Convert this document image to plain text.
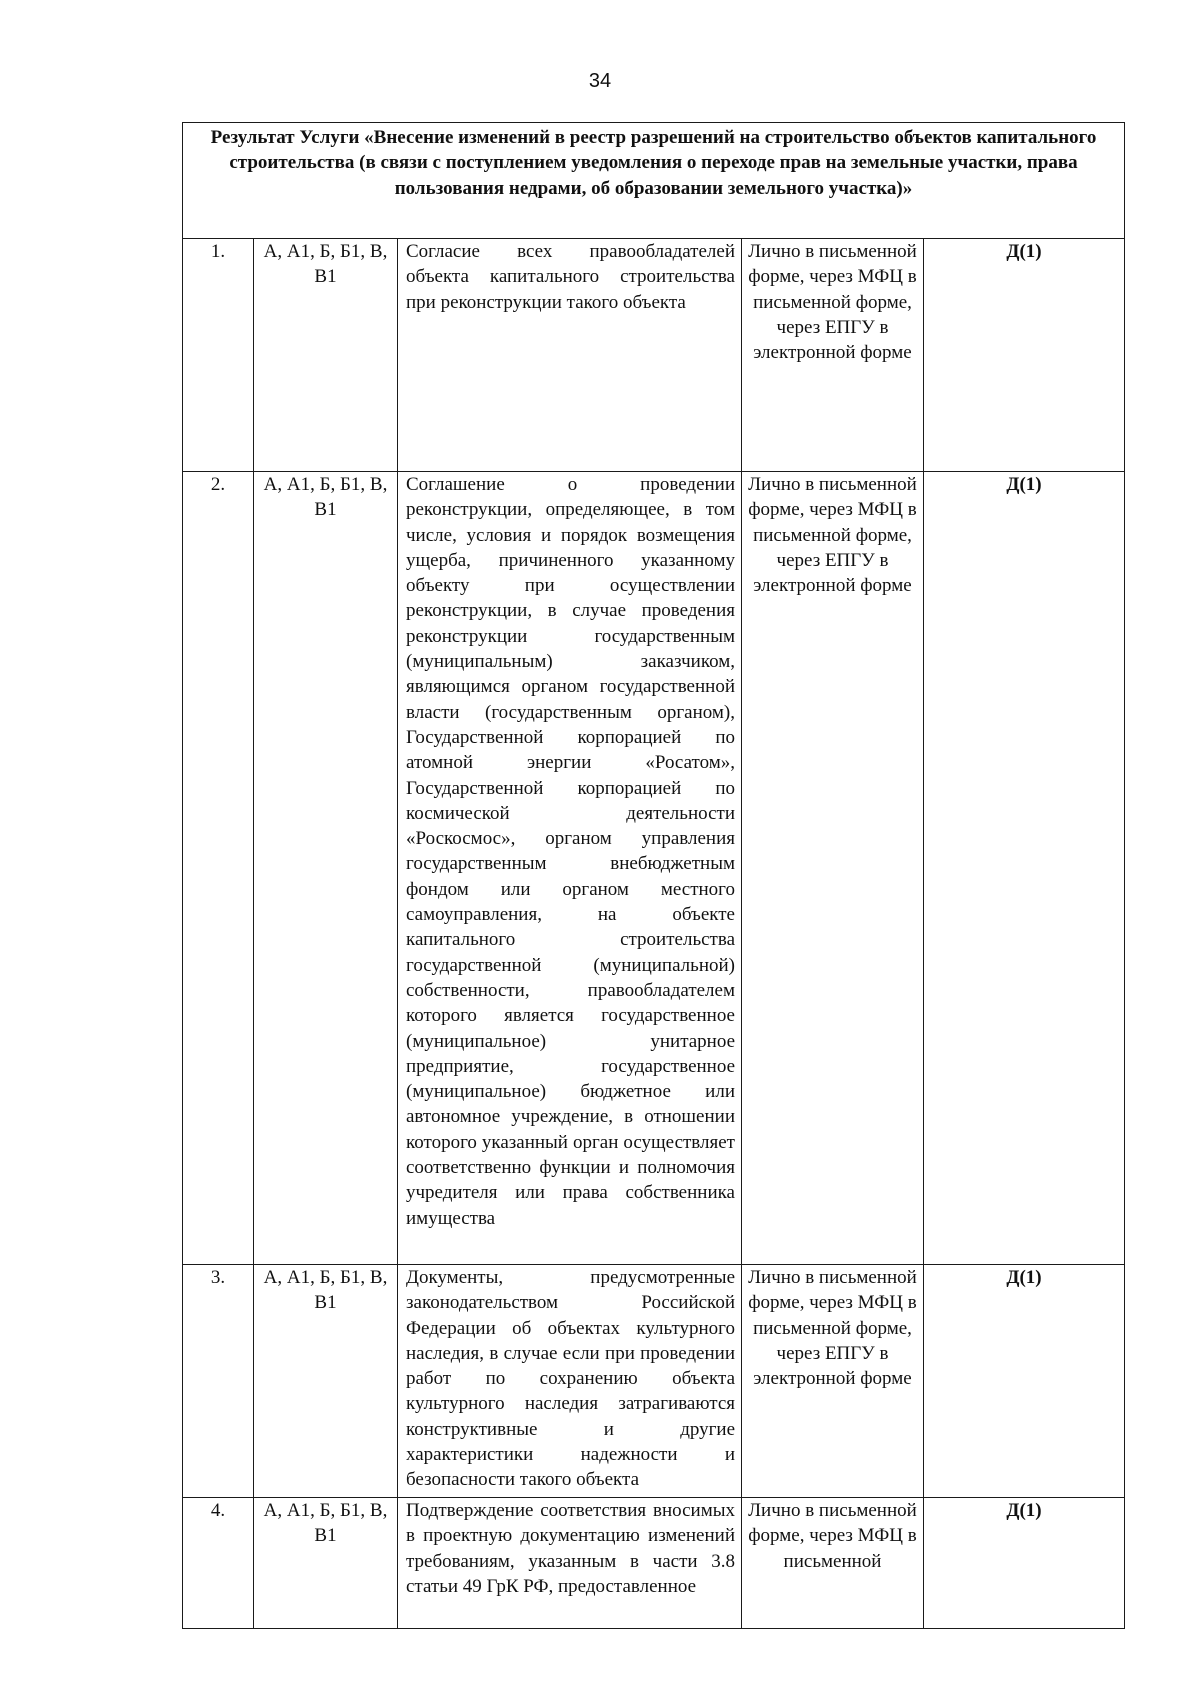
34
Результат Услуги «Внесение изменений в реестр разрешений на строительство объектов капитального строительства (в связи с поступлением уведомления о переходе прав на земельные участки, права пользования недрами, об образовании земельного участка)»				
1.	А, А1, Б, Б1, В, В1	Согласие всех правообладателей объекта капитального строительства при реконструкции такого объекта	Лично в письменной форме, через МФЦ в письменной форме, через ЕПГУ в электронной форме	Д(1)
2.	А, А1, Б, Б1, В, В1	Соглашение о проведении реконструкции, определяющее, в том числе, условия и порядок возмещения ущерба, причиненного указанному объекту при осуществлении реконструкции, в случае проведения реконструкции государственным (муниципальным) заказчиком, являющимся органом государственной власти (государственным органом), Государственной корпорацией по атомной энергии «Росатом», Государственной корпорацией по космической деятельности «Роскосмос», органом управления государственным внебюджетным фондом или органом местного самоуправления, на объекте капитального строительства государственной (муниципальной) собственности, правообладателем которого является государственное (муниципальное) унитарное предприятие, государственное (муниципальное) бюджетное или автономное учреждение, в отношении которого указанный орган осуществляет соответственно функции и полномочия учредителя или права собственника имущества	Лично в письменной форме, через МФЦ в письменной форме, через ЕПГУ в электронной форме	Д(1)
3.	А, А1, Б, Б1, В, В1	Документы, предусмотренные законодательством Российской Федерации об объектах культурного наследия, в случае если при проведении работ по сохранению объекта культурного наследия затрагиваются конструктивные и другие характеристики надежности и безопасности такого объекта	Лично в письменной форме, через МФЦ в письменной форме, через ЕПГУ в электронной форме	Д(1)
4.	А, А1, Б, Б1, В, В1	Подтверждение соответствия вносимых в проектную документацию изменений требованиям, указанным в части 3.8 статьи 49 ГрК РФ, предоставленное	Лично в письменной форме, через МФЦ в письменной	Д(1)
